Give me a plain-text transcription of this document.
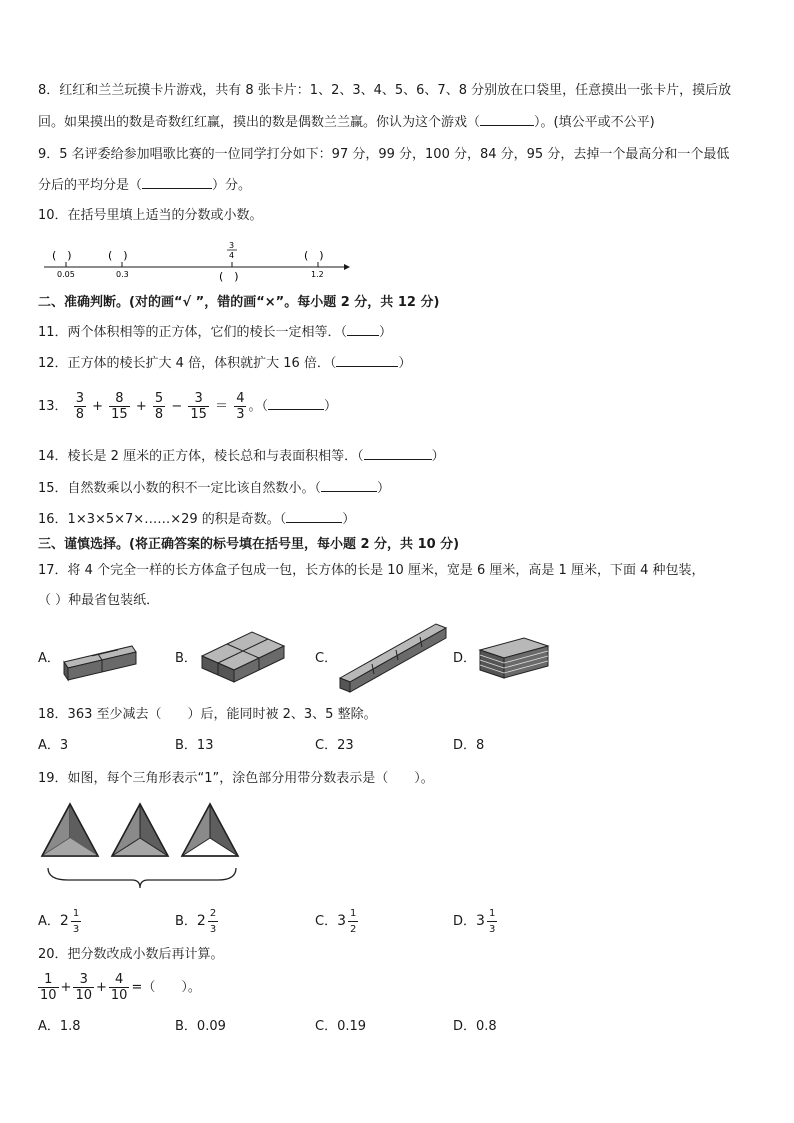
8．红红和兰兰玩摸卡片游戏，共有 8 张卡片：1、2、3、4、5、6、7、8 分别放在口袋里，任意摸出一张卡片，摸后放
回。如果摸出的数是奇数红红赢，摸出的数是偶数兰兰赢。你认为这个游戏（	）。(填公平或不公平)
9．5 名评委给参加唱歌比赛的一位同学打分如下：97 分，99 分，100 分，84 分，95 分，去掉一个最高分和一个最低
分后的平均分是（	）分。
10．在括号里填上适当的分数或小数。
(　)	(　)	(　)
(　)
0.05	0.3	1.2
3
4
二、准确判断。(对的画“√ ”，错的画“×”。每小题 2 分，共 12 分)
11．两个体积相等的正方体，它们的棱长一定相等．（ ）
12．正方体的棱长扩大 4 倍，体积就扩大 16 倍．（	）
13． $\frac{3}{8} + \frac{8}{15} + \frac{5}{8} - \frac{3}{15} = \frac{4}{3}$ 。（	）
14．棱长是 2 厘米的正方体，棱长总和与表面积相等．（	）
15．自然数乘以小数的积不一定比该自然数小。（	）
16．1×3×5×7×……×29 的积是奇数。（	）
三、谨慎选择。(将正确答案的标号填在括号里，每小题 2 分，共 10 分)
17．将 4 个完全一样的长方体盒子包成一包，长方体的长是 10 厘米，宽是 6 厘米，高是 1 厘米，下面 4 种包装，
（ ）种最省包装纸．
A．	B．	C．	D．
18．363 至少减去（　　）后，能同时被 2、3、5 整除。
A．3	B．13	C．23	D．8
19．如图，每个三角形表示“1”，涂色部分用带分数表示是（　　）。
A．$2 \frac{1}{3}$	B．$2 \frac{2}{3}$	C．$3 \frac{1}{2}$	D．$3 \frac{1}{3}$
20．把分数改成小数后再计算。
$\frac{1}{10} + \frac{3}{10} + \frac{4}{10}$ =（　　）。
A．1.8	B．0.09	C．0.19	D．0.8
